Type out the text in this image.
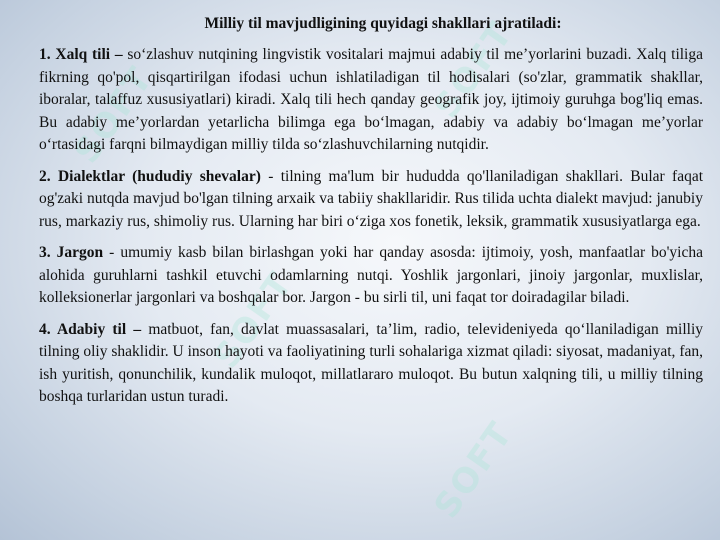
SOFT	SOFT
SOFT
SOFT
Milliy til mavjudligining quyidagi shakllari ajratiladi:

1. Xalq tili – so‘zlashuv nutqining lingvistik vositalari majmui adabiy til me’yorlarini buzadi. Xalq tiliga fikrning qo'pol, qisqartirilgan ifodasi uchun ishlatiladigan til hodisalari (so'zlar, grammatik shakllar, iboralar, talaffuz xususiyatlari) kiradi. Xalq tili hech qanday geografik joy, ijtimoiy guruhga bog'liq emas. Bu adabiy me’yorlardan yetarlicha bilimga ega bo‘lmagan, adabiy va adabiy bo‘lmagan me’yorlar o‘rtasidagi farqni bilmaydigan milliy tilda so‘zlashuvchilarning nutqidir.

2. Dialektlar (hududiy shevalar) - tilning ma'lum bir hududda qo'llaniladigan shakllari. Bular faqat og'zaki nutqda mavjud bo'lgan tilning arxaik va tabiiy shakllaridir. Rus tilida uchta dialekt mavjud: janubiy rus, markaziy rus, shimoliy rus. Ularning har biri o‘ziga xos fonetik, leksik, grammatik xususiyatlarga ega.

3. Jargon - umumiy kasb bilan birlashgan yoki har qanday asosda: ijtimoiy, yosh, manfaatlar bo'yicha alohida guruhlarni tashkil etuvchi odamlarning nutqi. Yoshlik jargonlari, jinoiy jargonlar, muxlislar, kolleksionerlar jargonlari va boshqalar bor. Jargon - bu sirli til, uni faqat tor doiradagilar biladi.

4. Adabiy til – matbuot, fan, davlat muassasalari, ta’lim, radio, televideniyeda qo‘llaniladigan milliy tilning oliy shaklidir. U inson hayoti va faoliyatining turli sohalariga xizmat qiladi: siyosat, madaniyat, fan, ish yuritish, qonunchilik, kundalik muloqot, millatlararo muloqot. Bu butun xalqning tili, u milliy tilning boshqa turlaridan ustun turadi.
